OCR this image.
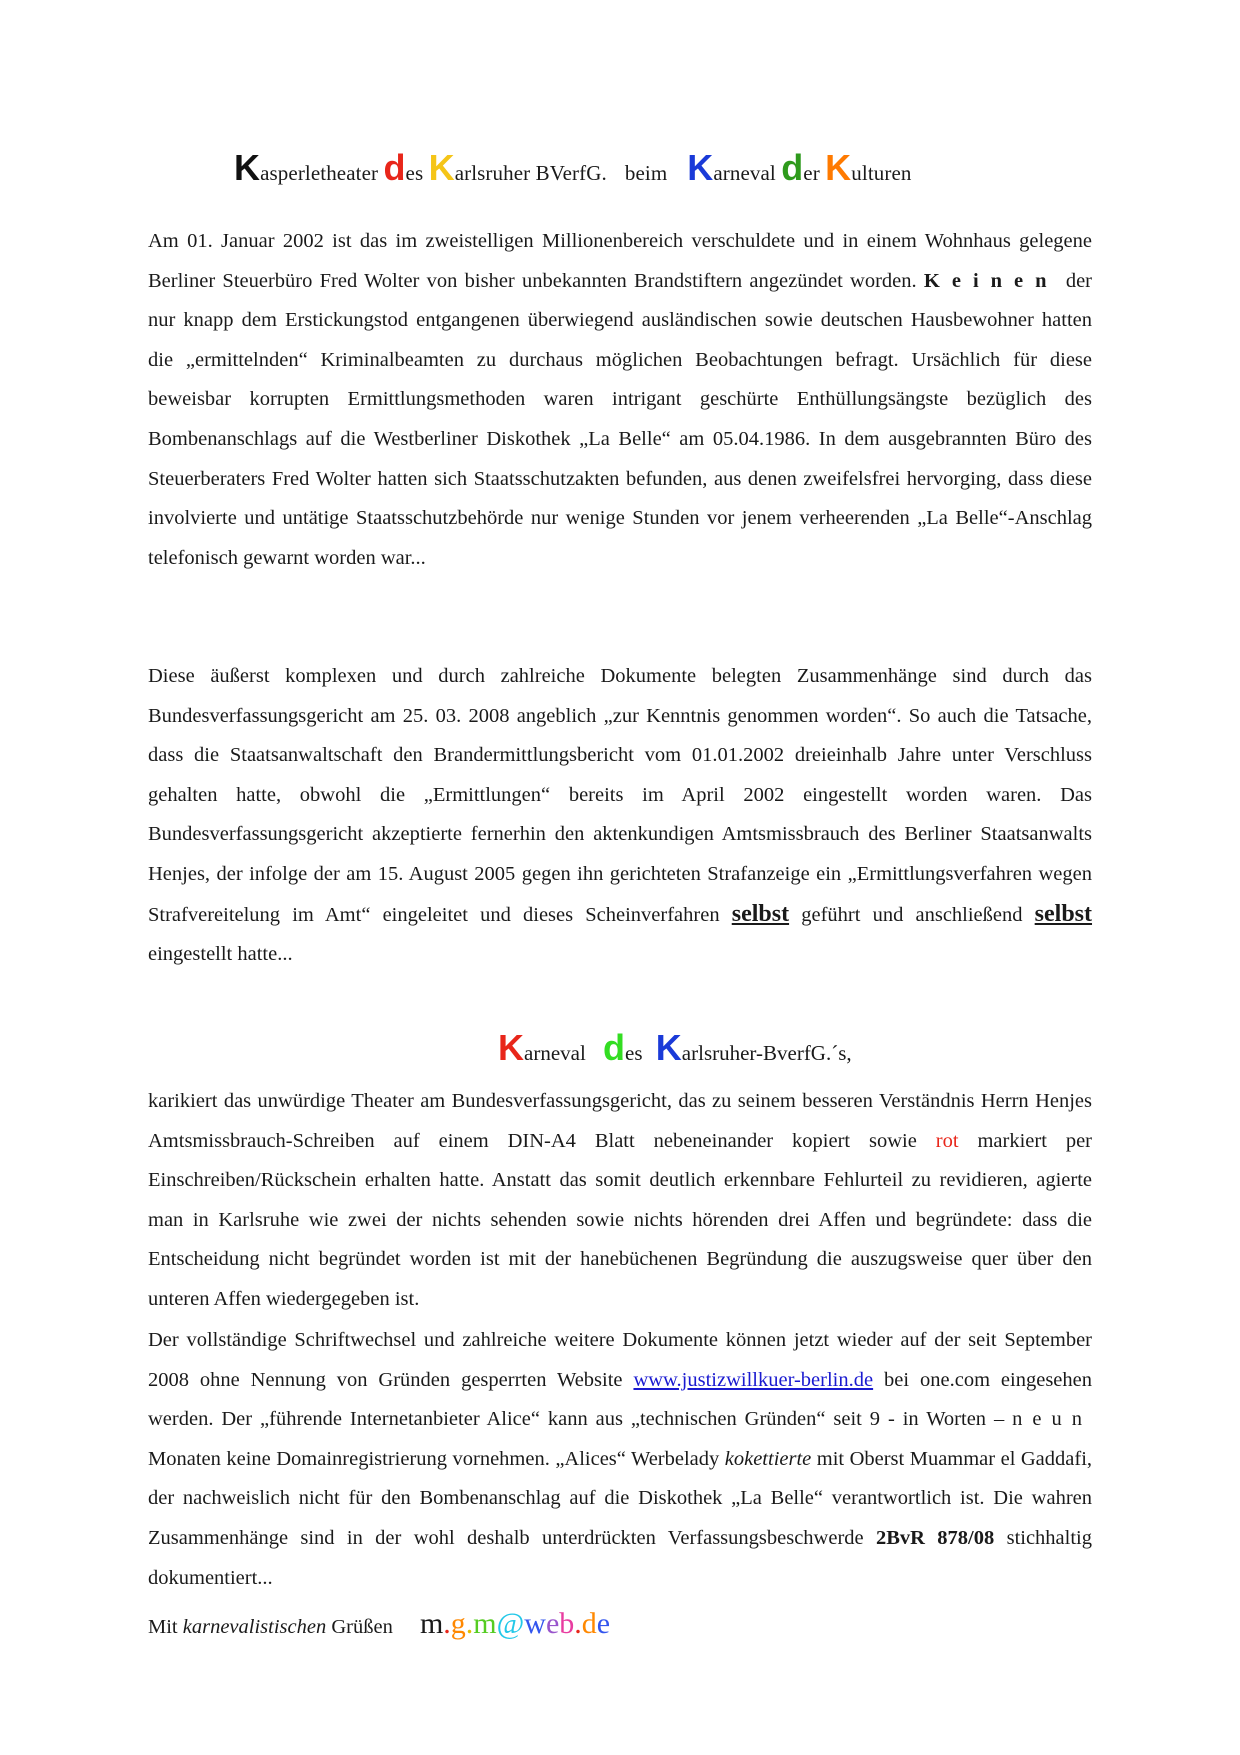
Kasperletheater des Karlsruher BVerfG. beim Karneval der Kulturen

Am 01. Januar 2002 ist das im zweistelligen Millionenbereich verschuldete und in einem Wohnhaus gelegene Berliner Steuerbüro Fred Wolter von bisher unbekannten Brandstiftern angezündet worden. Keinen der nur knapp dem Erstickungstod entgangenen überwiegend ausländischen sowie deutschen Hausbewohner hatten die „ermittelnden“ Kriminalbeamten zu durchaus möglichen Beobachtungen befragt. Ursächlich für diese beweisbar korrupten Ermittlungsmethoden waren intrigant geschürte Enthüllungsängste bezüglich des Bombenanschlags auf die Westberliner Diskothek „La Belle“ am 05.04.1986. In dem ausgebrannten Büro des Steuerberaters Fred Wolter hatten sich Staatsschutzakten befunden, aus denen zweifelsfrei hervorging, dass diese involvierte und untätige Staatsschutzbehörde nur wenige Stunden vor jenem verheerenden „La Belle“-Anschlag telefonisch gewarnt worden war...

Diese äußerst komplexen und durch zahlreiche Dokumente belegten Zusammenhänge sind durch das Bundesverfassungsgericht am 25. 03. 2008 angeblich „zur Kenntnis genommen worden“. So auch die Tatsache, dass die Staatsanwaltschaft den Brandermittlungsbericht vom 01.01.2002 dreieinhalb Jahre unter Verschluss gehalten hatte, obwohl die „Ermittlungen“ bereits im April 2002 eingestellt worden waren. Das Bundesverfassungsgericht akzeptierte fernerhin den aktenkundigen Amtsmissbrauch des Berliner Staatsanwalts Henjes, der infolge der am 15. August 2005 gegen ihn gerichteten Strafanzeige ein „Ermittlungsverfahren wegen Strafvereitelung im Amt“ eingeleitet und dieses Scheinverfahren selbst geführt und anschließend selbst eingestellt hatte...

Karneval des Karlsruher-BverfG.´s,

karikiert das unwürdige Theater am Bundesverfassungsgericht, das zu seinem besseren Verständnis Herrn Henjes Amtsmissbrauch-Schreiben auf einem DIN-A4 Blatt nebeneinander kopiert sowie rot markiert per Einschreiben/Rückschein erhalten hatte. Anstatt das somit deutlich erkennbare Fehlurteil zu revidieren, agierte man in Karlsruhe wie zwei der nichts sehenden sowie nichts hörenden drei Affen und begründete: dass die Entscheidung nicht begründet worden ist mit der hanebüchenen Begründung die auszugsweise quer über den unteren Affen wiedergegeben ist.

Der vollständige Schriftwechsel und zahlreiche weitere Dokumente können jetzt wieder auf der seit September 2008 ohne Nennung von Gründen gesperrten Website www.justizwillkuer-berlin.de bei one.com eingesehen werden. Der „führende Internetanbieter Alice“ kann aus „technischen Gründen“ seit 9 - in Worten – neun Monaten keine Domainregistrierung vornehmen. „Alices“ Werbelady kokettierte mit Oberst Muammar el Gaddafi, der nachweislich nicht für den Bombenanschlag auf die Diskothek „La Belle“ verantwortlich ist. Die wahren Zusammenhänge sind in der wohl deshalb unterdrückten Verfassungsbeschwerde 2BvR 878/08 stichhaltig dokumentiert...

Mit karnevalistischen Grüßen m.g.m@web.de
